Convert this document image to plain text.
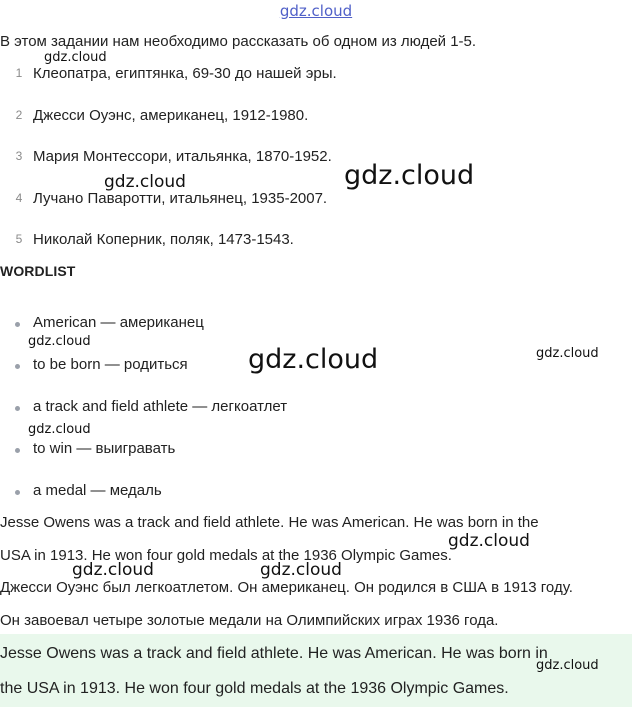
gdz.cloud
В этом задании нам необходимо рассказать об одном из людей 1-5.
1 Клеопатра, египтянка, 69-30 до нашей эры.
2 Джесси Оуэнс, американец, 1912-1980.
3 Мария Монтессори, итальянка, 1870-1952.
4 Лучано Паваротти, итальянец, 1935-2007.
5 Николай Коперник, поляк, 1473-1543.
WORDLIST
American — американец
to be born — родиться
a track and field athlete — легкоатлет
to win — выигравать
a medal — медаль
Jesse Owens was a track and field athlete. He was American. He was born in the
USA in 1913. He won four gold medals at the 1936 Olympic Games.
Джесси Оуэнс был легкоатлетом. Он американец. Он родился в США в 1913 году.
Он завоевал четыре золотые медали на Олимпийских играх 1936 года.
Jesse Owens was a track and field athlete. He was American. He was born in
the USA in 1913. He won four gold medals at the 1936 Olympic Games.
gdz.cloud
gdz.cloud	gdz.cloud
gdz.cloud
gdz.cloud	gdz.cloud
gdz.cloud
gdz.cloud
gdz.cloud	gdz.cloud
gdz.cloud
